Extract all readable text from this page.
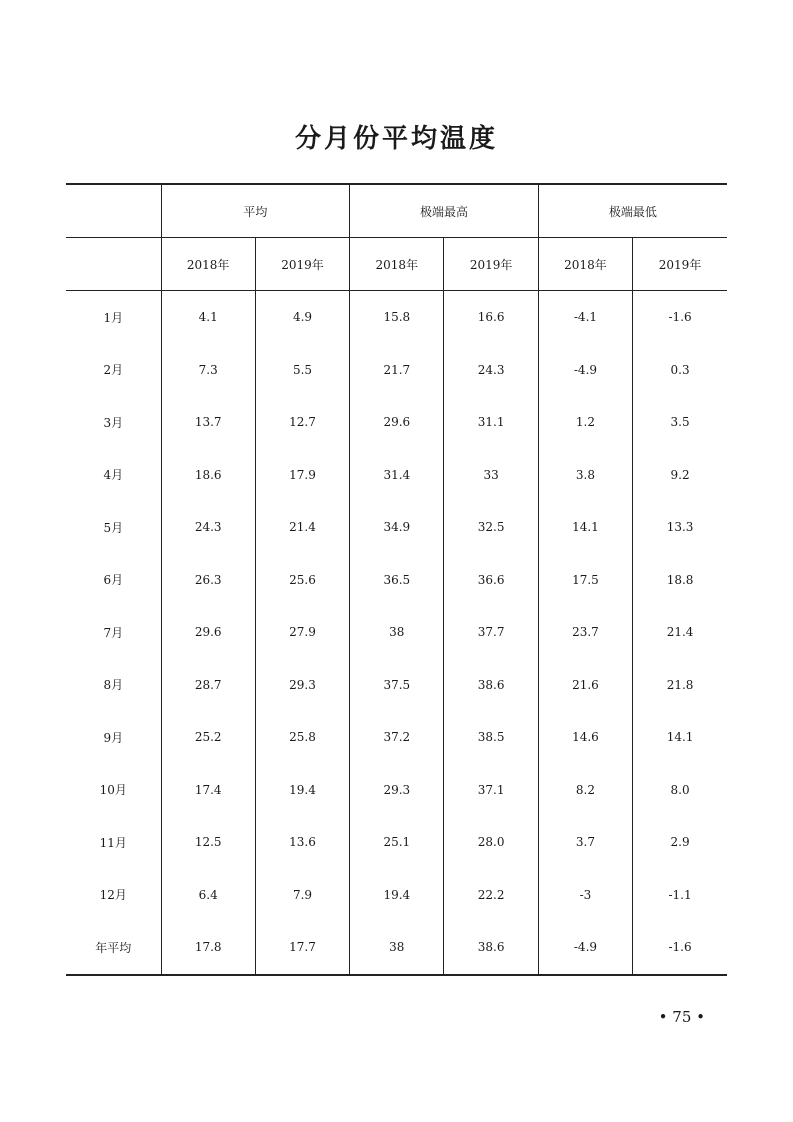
分月份平均温度
	平均		极端最高		极端最低	
	2018年	2019年	2018年	2019年	2018年	2019年
1月	4.1	4.9	15.8	16.6	-4.1	-1.6
2月	7.3	5.5	21.7	24.3	-4.9	0.3
3月	13.7	12.7	29.6	31.1	1.2	3.5
4月	18.6	17.9	31.4	33	3.8	9.2
5月	24.3	21.4	34.9	32.5	14.1	13.3
6月	26.3	25.6	36.5	36.6	17.5	18.8
7月	29.6	27.9	38	37.7	23.7	21.4
8月	28.7	29.3	37.5	38.6	21.6	21.8
9月	25.2	25.8	37.2	38.5	14.6	14.1
10月	17.4	19.4	29.3	37.1	8.2	8.0
11月	12.5	13.6	25.1	28.0	3.7	2.9
12月	6.4	7.9	19.4	22.2	-3	-1.1
年平均	17.8	17.7	38	38.6	-4.9	-1.6
• 75 •
